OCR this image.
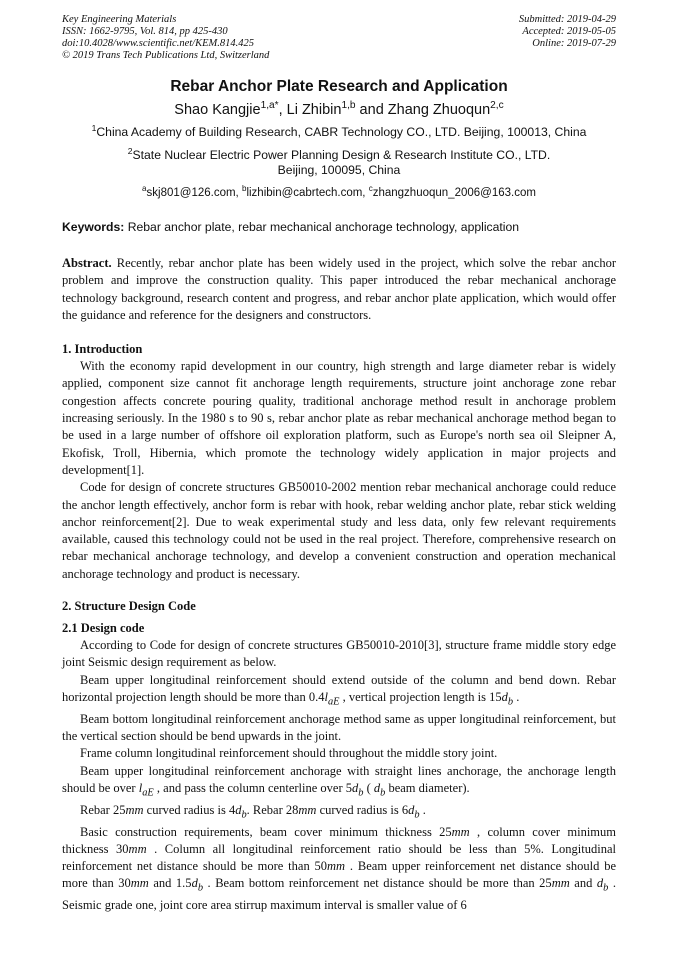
Key Engineering Materials
ISSN: 1662-9795, Vol. 814, pp 425-430
doi:10.4028/www.scientific.net/KEM.814.425
© 2019 Trans Tech Publications Ltd, Switzerland
Submitted: 2019-04-29
Accepted: 2019-05-05
Online: 2019-07-29
Rebar Anchor Plate Research and Application
Shao Kangjie$^{1,a*}$, Li Zhibin$^{1,b}$ and Zhang Zhuoqun$^{2,c}$
$^1$China Academy of Building Research, CABR Technology CO., LTD. Beijing, 100013, China
$^2$State Nuclear Electric Power Planning Design & Research Institute CO., LTD.
Beijing, 100095, China
$^a$skj801@126.com, $^b$lizhibin@cabrtech.com, $^c$zhangzhuoqun_2006@163.com
Keywords: Rebar anchor plate, rebar mechanical anchorage technology, application

Abstract. Recently, rebar anchor plate has been widely used in the project, which solve the rebar anchor problem and improve the construction quality. This paper introduced the rebar mechanical anchorage technology background, research content and progress, and rebar anchor plate application, which would offer the guidance and reference for the designers and constructors.

1. Introduction

With the economy rapid development in our country, high strength and large diameter rebar is widely applied, component size cannot fit anchorage length requirements, structure joint anchorage zone rebar congestion affects concrete pouring quality, traditional anchorage method result in anchorage problem increasing seriously. In the 1980 s to 90 s, rebar anchor plate as rebar mechanical anchorage method began to be used in a large number of offshore oil exploration platform, such as Europe's north sea oil Sleipner A, Ekofisk, Troll, Hibernia, which promote the technology widely application in major projects and development[1].

Code for design of concrete structures GB50010-2002 mention rebar mechanical anchorage could reduce the anchor length effectively, anchor form is rebar with hook, rebar welding anchor plate, rebar stick welding anchor reinforcement[2]. Due to weak experimental study and less data, only few relevant requirements available, caused this technology could not be used in the real project. Therefore, comprehensive research on rebar mechanical anchorage technology, and develop a convenient construction and operation mechanical anchorage technology and product is necessary.

2. Structure Design Code
2.1 Design code

According to Code for design of concrete structures GB50010-2010[3], structure frame middle story edge joint Seismic design requirement as below.

Beam upper longitudinal reinforcement should extend outside of the column and bend down. Rebar horizontal projection length should be more than $0.4l_{aE}$ , vertical projection length is $15d_b$ .

Beam bottom longitudinal reinforcement anchorage method same as upper longitudinal reinforcement, but the vertical section should be bend upwards in the joint.

Frame column longitudinal reinforcement should throughout the middle story joint.

Beam upper longitudinal reinforcement anchorage with straight lines anchorage, the anchorage length should be over $l_{aE}$ , and pass the column centerline over $5d_b$ ( $d_b$ beam diameter).

Rebar 25mm curved radius is $4d_b$. Rebar 28mm curved radius is $6d_b$ .

Basic construction requirements, beam cover minimum thickness 25mm , column cover minimum thickness 30mm . Column all longitudinal reinforcement ratio should be less than 5%. Longitudinal reinforcement net distance should be more than 50mm . Beam upper reinforcement net distance should be more than 30mm and $1.5d_b$ . Beam bottom reinforcement net distance should be more than 25mm and $d_b$ . Seismic grade one, joint core area stirrup maximum interval is smaller value of 6
